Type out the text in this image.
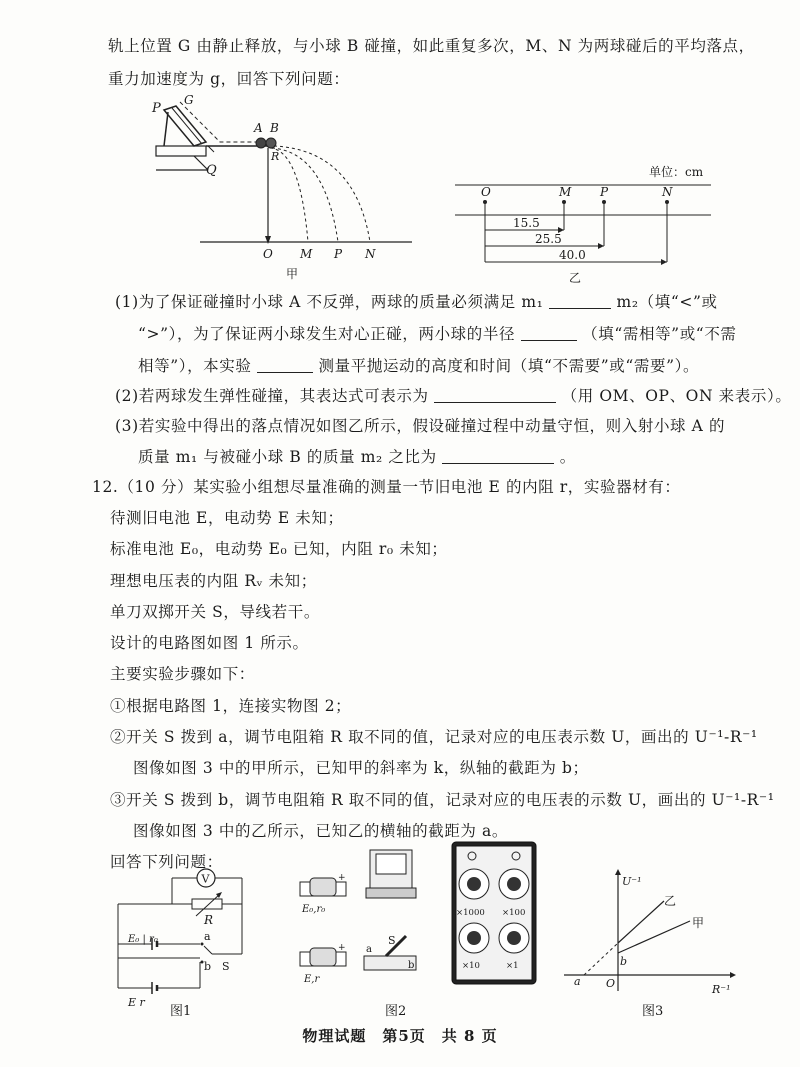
轨上位置 G 由静止释放，与小球 B 碰撞，如此重复多次，M、N 为两球碰后的平均落点，
重力加速度为 g，回答下列问题：
P
G
A B
Q
R
O M P N
甲
单位：cm
O	M P	N
15.5
25.5
40.0
乙
(1)为了保证碰撞时小球 A 不反弹，两球的质量必须满足 m₁	m₂（填“<”或
“>”），为了保证两小球发生对心正碰，两小球的半径	（填“需相等”或“不需
相等”），本实验	测量平抛运动的高度和时间（填“不需要”或“需要”）。
(2)若两球发生弹性碰撞，其表达式可表示为	（用 OM、OP、ON 来表示）。
(3)若实验中得出的落点情况如图乙所示，假设碰撞过程中动量守恒，则入射小球 A 的
质量 m₁ 与被碰小球 B 的质量 m₂ 之比为	。
12.（10 分）某实验小组想尽量准确的测量一节旧电池 E 的内阻 r，实验器材有：
待测旧电池 E，电动势 E 未知；
标准电池 E₀，电动势 E₀ 已知，内阻 r₀ 未知；
理想电压表的内阻 Rᵥ 未知；
单刀双掷开关 S，导线若干。
设计的电路图如图 1 所示。
主要实验步骤如下：
①根据电路图 1，连接实物图 2；
②开关 S 拨到 a，调节电阻箱 R 取不同的值，记录对应的电压表示数 U，画出的 U⁻¹-R⁻¹
图像如图 3 中的甲所示，已知甲的斜率为 k，纵轴的截距为 b；
③开关 S 拨到 b，调节电阻箱 R 取不同的值，记录对应的电压表的示数 U，画出的 U⁻¹-R⁻¹
图像如图 3 中的乙所示，已知乙的横轴的截距为 a。
回答下列问题：
V
R
E₀ | r₀	a
b S
E r
图1
+
E₀,r₀
+
E,r
S
a
b
×1000 ×100
×10	×1
图2
U⁻¹
R⁻¹
乙
甲
b
a O
图3
物理试题　第5页　共 8 页
